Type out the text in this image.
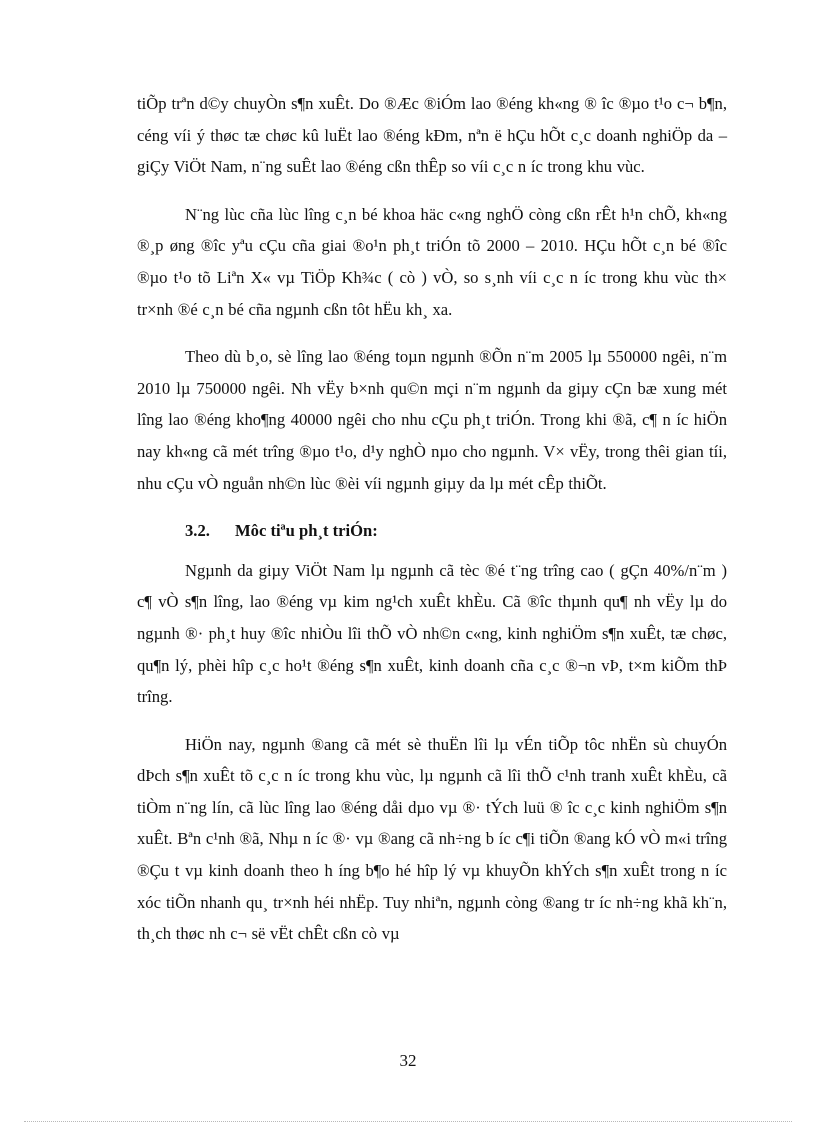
tiÕp trªn d©y chuyÒn s¶n xuÊt. Do ®Æc ®iÓm lao ®éng kh«ng ® îc ®µo t¹o c¬ b¶n, céng víi ý thøc tæ chøc kû luËt lao ®éng kÐm, nªn ë hÇu hÕt c¸c doanh nghiÖp da – giÇy ViÖt Nam, n¨ng suÊt lao ®éng cßn thÊp so víi c¸c n íc trong khu vùc.

N¨ng lùc cña lùc lîng c¸n bé khoa häc c«ng nghÖ còng cßn rÊt h¹n chÕ, kh«ng ®¸p øng ®îc yªu cÇu cña giai ®o¹n ph¸t triÓn tõ 2000 – 2010. HÇu hÕt c¸n bé ®îc ®µo t¹o tõ Liªn X« vµ TiÖp Kh¾c ( cò ) vÒ, so s¸nh víi c¸c n íc trong khu vùc th× tr×nh ®é c¸n bé cña ngµnh cßn tôt hËu kh¸ xa.

Theo dù b¸o, sè lîng lao ®éng toµn ngµnh ®Õn n¨m 2005 lµ 550000 ngêi, n¨m 2010 lµ 750000 ngêi. Nh vËy b×nh qu©n mçi n¨m ngµnh da giµy cÇn bæ xung mét lîng lao ®éng kho¶ng 40000 ngêi cho nhu cÇu ph¸t triÓn. Trong khi ®ã, c¶ n íc hiÖn nay kh«ng cã mét trîng ®µo t¹o, d¹y nghÒ nµo cho ngµnh. V× vËy, trong thêi gian tíi, nhu cÇu vÒ nguån nh©n lùc ®èi víi ngµnh giµy da lµ mét cÊp thiÕt.

3.2. Môc tiªu ph¸t triÓn:

Ngµnh da giµy ViÖt Nam lµ ngµnh cã tèc ®é t¨ng trîng cao ( gÇn 40%/n¨m ) c¶ vÒ s¶n lîng, lao ®éng vµ kim ng¹ch xuÊt khÈu. Cã ®îc thµnh qu¶ nh vËy lµ do ngµnh ®· ph¸t huy ®îc nhiÒu lîi thÕ vÒ nh©n c«ng, kinh nghiÖm s¶n xuÊt, tæ chøc, qu¶n lý, phèi hîp c¸c ho¹t ®éng s¶n xuÊt, kinh doanh cña c¸c ®¬n vÞ, t×m kiÕm thÞ trîng.

HiÖn nay, ngµnh ®ang cã mét sè thuËn lîi lµ vÉn tiÕp tôc nhËn sù chuyÓn dÞch s¶n xuÊt tõ c¸c n íc trong khu vùc, lµ ngµnh cã lîi thÕ c¹nh tranh xuÊt khÈu, cã tiÒm n¨ng lín, cã lùc lîng lao ®éng dåi dµo vµ ®· tÝch luü ® îc c¸c kinh nghiÖm s¶n xuÊt. Bªn c¹nh ®ã, Nhµ n íc ®· vµ ®ang cã nh÷ng b íc c¶i tiÕn ®ang kÓ vÒ m«i trîng ®Çu t vµ kinh doanh theo h íng b¶o hé hîp lý vµ khuyÕn khÝch s¶n xuÊt trong n íc xóc tiÕn nhanh qu¸ tr×nh héi nhËp. Tuy nhiªn, ngµnh còng ®ang tr íc nh÷ng khã kh¨n, th¸ch thøc nh c¬ së vËt chÊt cßn cò vµ

32
